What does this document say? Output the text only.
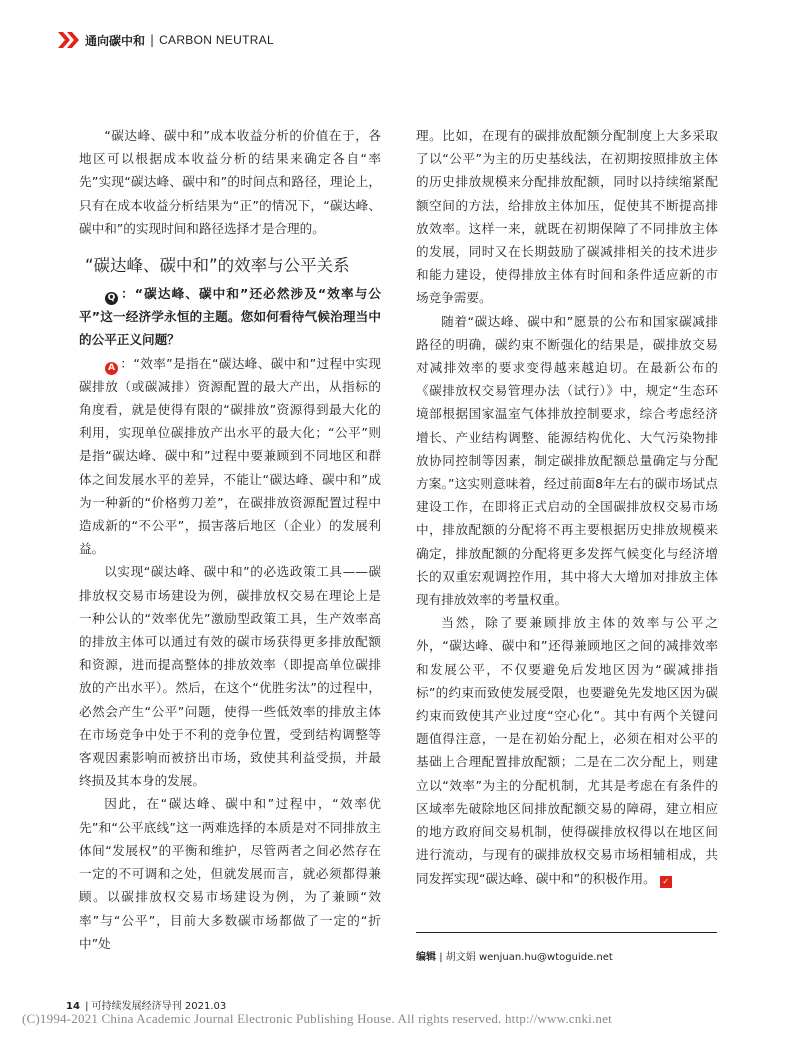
通向碳中和 | CARBON NEUTRAL

“碳达峰、碳中和”成本收益分析的价值在于，各地区可以根据成本收益分析的结果来确定各自“率先”实现“碳达峰、碳中和”的时间点和路径，理论上，只有在成本收益分析结果为“正”的情况下，“碳达峰、碳中和”的实现时间和路径选择才是合理的。

“碳达峰、碳中和”的效率与公平关系

Q ：“碳达峰、碳中和”还必然涉及“效率与公平”这一经济学永恒的主题。您如何看待气候治理当中的公平正义问题？

A ：“效率”是指在“碳达峰、碳中和”过程中实现碳排放（或碳减排）资源配置的最大产出，从指标的角度看，就是使得有限的“碳排放”资源得到最大化的利用，实现单位碳排放产出水平的最大化；“公平”则是指“碳达峰、碳中和”过程中要兼顾到不同地区和群体之间发展水平的差异，不能让“碳达峰、碳中和”成为一种新的“价格剪刀差”，在碳排放资源配置过程中造成新的“不公平”，损害落后地区（企业）的发展利益。

以实现“碳达峰、碳中和”的必选政策工具——碳排放权交易市场建设为例，碳排放权交易在理论上是一种公认的“效率优先”激励型政策工具，生产效率高的排放主体可以通过有效的碳市场获得更多排放配额和资源，进而提高整体的排放效率（即提高单位碳排放的产出水平）。然后，在这个“优胜劣汰”的过程中，必然会产生“公平”问题，使得一些低效率的排放主体在市场竞争中处于不利的竞争位置，受到结构调整等客观因素影响而被挤出市场，致使其利益受损，并最终损及其本身的发展。

因此，在“碳达峰、碳中和”过程中，“效率优先”和“公平底线”这一两难选择的本质是对不同排放主体间“发展权”的平衡和维护，尽管两者之间必然存在一定的不可调和之处，但就发展而言，就必须都得兼顾。以碳排放权交易市场建设为例，为了兼顾“效率”与“公平”，目前大多数碳市场都做了一定的“折中”处

理。比如，在现有的碳排放配额分配制度上大多采取了以“公平”为主的历史基线法，在初期按照排放主体的历史排放规模来分配排放配额，同时以持续缩紧配额空间的方法，给排放主体加压，促使其不断提高排放效率。这样一来，就既在初期保障了不同排放主体的发展，同时又在长期鼓励了碳减排相关的技术进步和能力建设，使得排放主体有时间和条件适应新的市场竞争需要。

随着“碳达峰、碳中和”愿景的公布和国家碳减排路径的明确，碳约束不断强化的结果是，碳排放交易对减排效率的要求变得越来越迫切。在最新公布的《碳排放权交易管理办法（试行）》中，规定“生态环境部根据国家温室气体排放控制要求，综合考虑经济增长、产业结构调整、能源结构优化、大气污染物排放协同控制等因素，制定碳排放配额总量确定与分配方案。”这实则意味着，经过前面8年左右的碳市场试点建设工作，在即将正式启动的全国碳排放权交易市场中，排放配额的分配将不再主要根据历史排放规模来确定，排放配额的分配将更多发挥气候变化与经济增长的双重宏观调控作用，其中将大大增加对排放主体现有排放效率的考量权重。

当然，除了要兼顾排放主体的效率与公平之外，“碳达峰、碳中和”还得兼顾地区之间的减排效率和发展公平，不仅要避免后发地区因为“碳减排指标”的约束而致使发展受限，也要避免先发地区因为碳约束而致使其产业过度“空心化”。其中有两个关键问题值得注意，一是在初始分配上，必须在相对公平的基础上合理配置排放配额；二是在二次分配上，则建立以“效率”为主的分配机制，尤其是考虑在有条件的区域率先破除地区间排放配额交易的障碍，建立相应的地方政府间交易机制，使得碳排放权得以在地区间进行流动，与现有的碳排放权交易市场相辅相成，共同发挥实现“碳达峰、碳中和”的积极作用。 ✓

编辑 | 胡文娟 wenjuan.hu@wtoguide.net
14 | 可持续发展经济导刊 2021.03
(C)1994-2021 China Academic Journal Electronic Publishing House. All rights reserved. http://www.cnki.net
